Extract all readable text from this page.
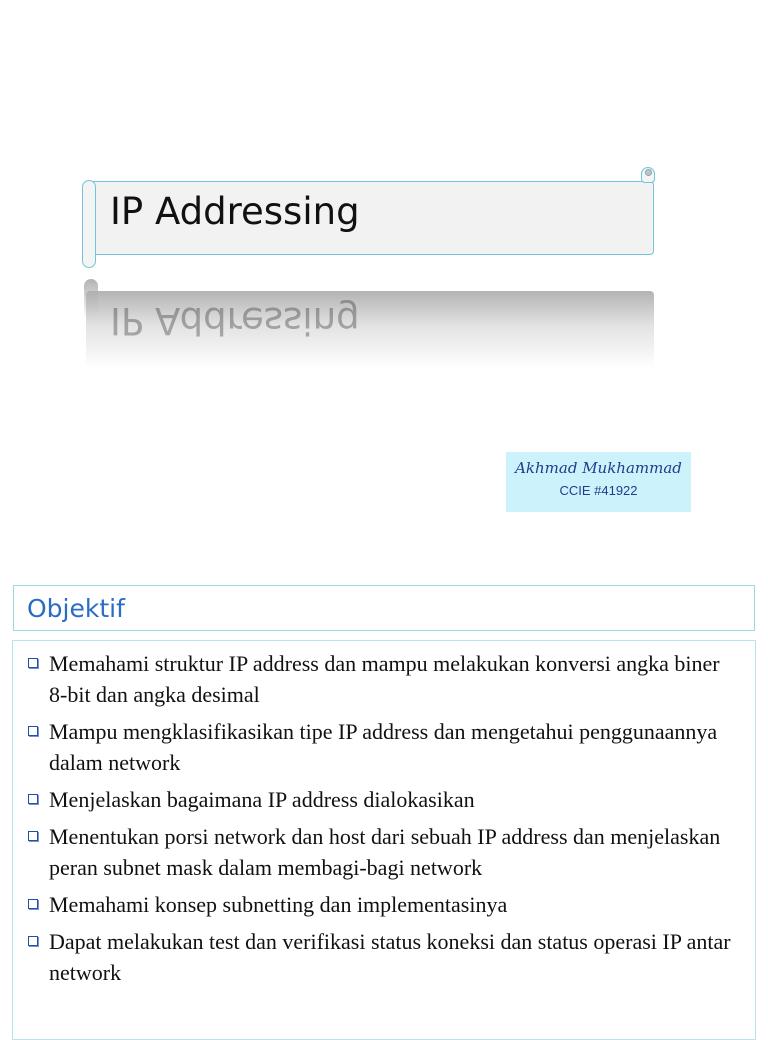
IP Addressing
IP Addressing
Akhmad Mukhammad
CCIE #41922
Objektif
Memahami struktur IP address dan mampu melakukan konversi angka biner 8-bit dan angka desimal
Mampu mengklasifikasikan tipe IP address dan mengetahui penggunaannya dalam network
Menjelaskan bagaimana IP address dialokasikan
Menentukan porsi network dan host dari sebuah IP address dan menjelaskan peran subnet mask dalam membagi-bagi network
Memahami konsep subnetting dan implementasinya
Dapat melakukan test dan verifikasi status koneksi dan status operasi IP antar network
